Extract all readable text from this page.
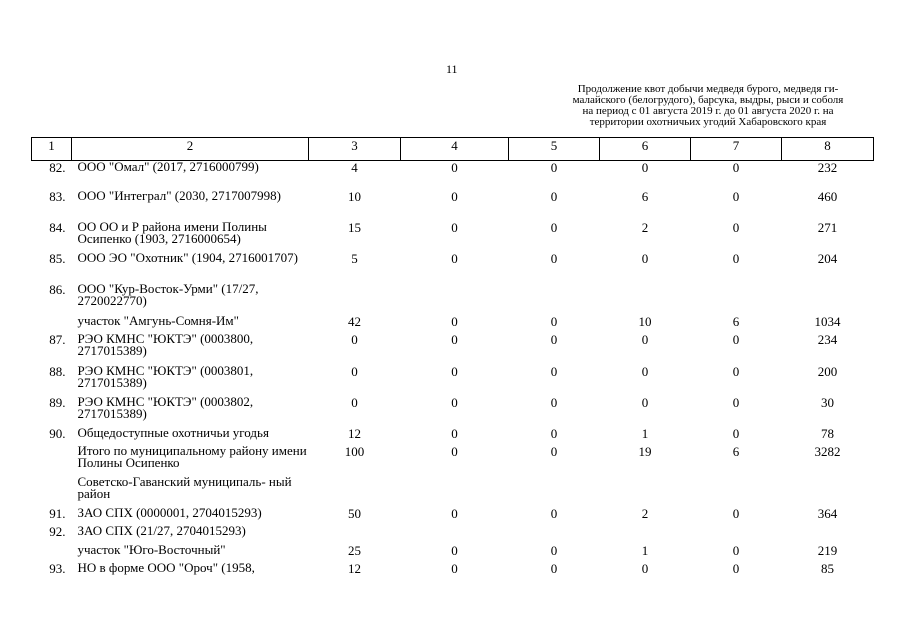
11
Продолжение квот добычи медведя бурого, медведя ги-
малайского (белогрудого), барсука, выдры, рыси и соболя
на период с 01 августа 2019 г. до 01 августа 2020 г. на
территории охотничьих угодий Хабаровского края
1	2	3	4	5	6	7	8

82.	ООО "Омал" (2017, 2716000799)	4	0	0	0	0	232

83.	ООО "Интеграл" (2030, 2717007998)	10	0	0	6	0	460

84.	ОО ОО и Р района имени Полины Осипенко (1903, 2716000654)	15	0	0	2	0	271

85.	ООО ЭО "Охотник" (1904, 2716001707)	5	0	0	0	0	204

86.	ООО "Кур-Восток-Урми" (17/27, 2720022770)						

	участок "Амгунь-Сомня-Им"	42	0	0	10	6	1034

87.	РЭО КМНС "ЮКТЭ" (0003800, 2717015389)	0	0	0	0	0	234

88.	РЭО КМНС "ЮКТЭ" (0003801, 2717015389)	0	0	0	0	0	200

89.	РЭО КМНС "ЮКТЭ" (0003802, 2717015389)	0	0	0	0	0	30

90.	Общедоступные охотничьи угодья	12	0	0	1	0	78

	Итого по муниципальному району имени Полины Осипенко	100	0	0	19	6	3282

	Советско-Гаванский муниципаль- ный район						

91.	ЗАО СПХ (0000001, 2704015293)	50	0	0	2	0	364

92.	ЗАО СПХ (21/27, 2704015293)						

	участок "Юго-Восточный"	25	0	0	1	0	219

93.	НО в форме ООО "Ороч" (1958,	12	0	0	0	0	85
